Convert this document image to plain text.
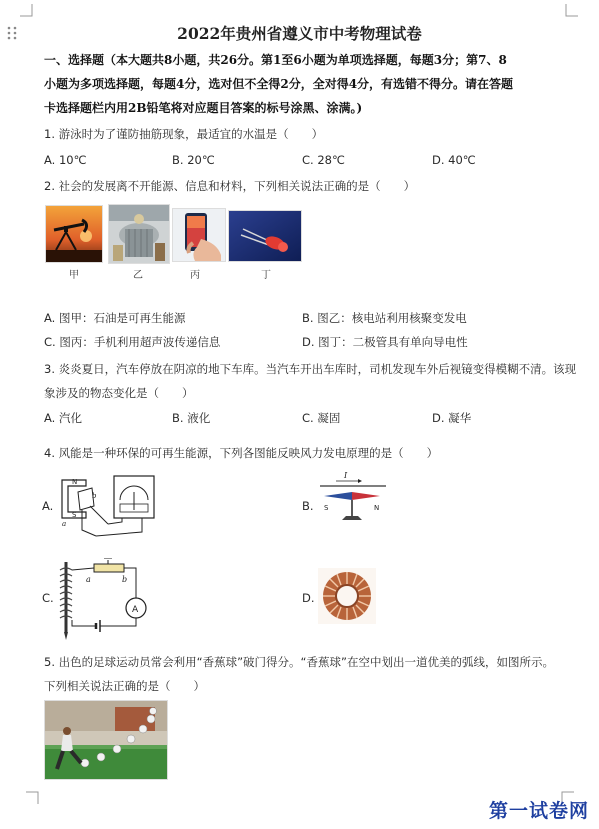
2022年贵州省遵义市中考物理试卷
一、选择题（本大题共8小题，共26分。第1至6小题为单项选择题，每题3分；第7、8
小题为多项选择题，每题4分，选对但不全得2分，全对得4分，有选错不得分。请在答题
卡选择题栏内用2B铅笔将对应题目答案的标号涂黑、涂满。)
1. 游泳时为了谨防抽筋现象，最适宜的水温是（　　）
A. 10℃	B. 20℃	C. 28℃	D. 40℃
2. 社会的发展离不开能源、信息和材料，下列相关说法正确的是（　　）
甲	乙	丙	丁
A. 图甲：石油是可再生能源	B. 图乙：核电站利用核聚变发电
C. 图丙：手机利用超声波传递信息	D. 图丁：二极管具有单向导电性
3. 炎炎夏日，汽车停放在阴凉的地下车库。当汽车开出车库时，司机发现车外后视镜变得模糊不清。该现
象涉及的物态变化是（　　）
A. 汽化	B. 液化	C. 凝固	D. 凝华
4. 风能是一种环保的可再生能源，下列各图能反映风力发电原理的是（　　）
A.
N
S
a
b
B.
I
S	N
C.
a	b
A
D.
5. 出色的足球运动员常会利用“香蕉球”破门得分。“香蕉球”在空中划出一道优美的弧线，如图所示。
下列相关说法正确的是（　　）
第一试卷网
